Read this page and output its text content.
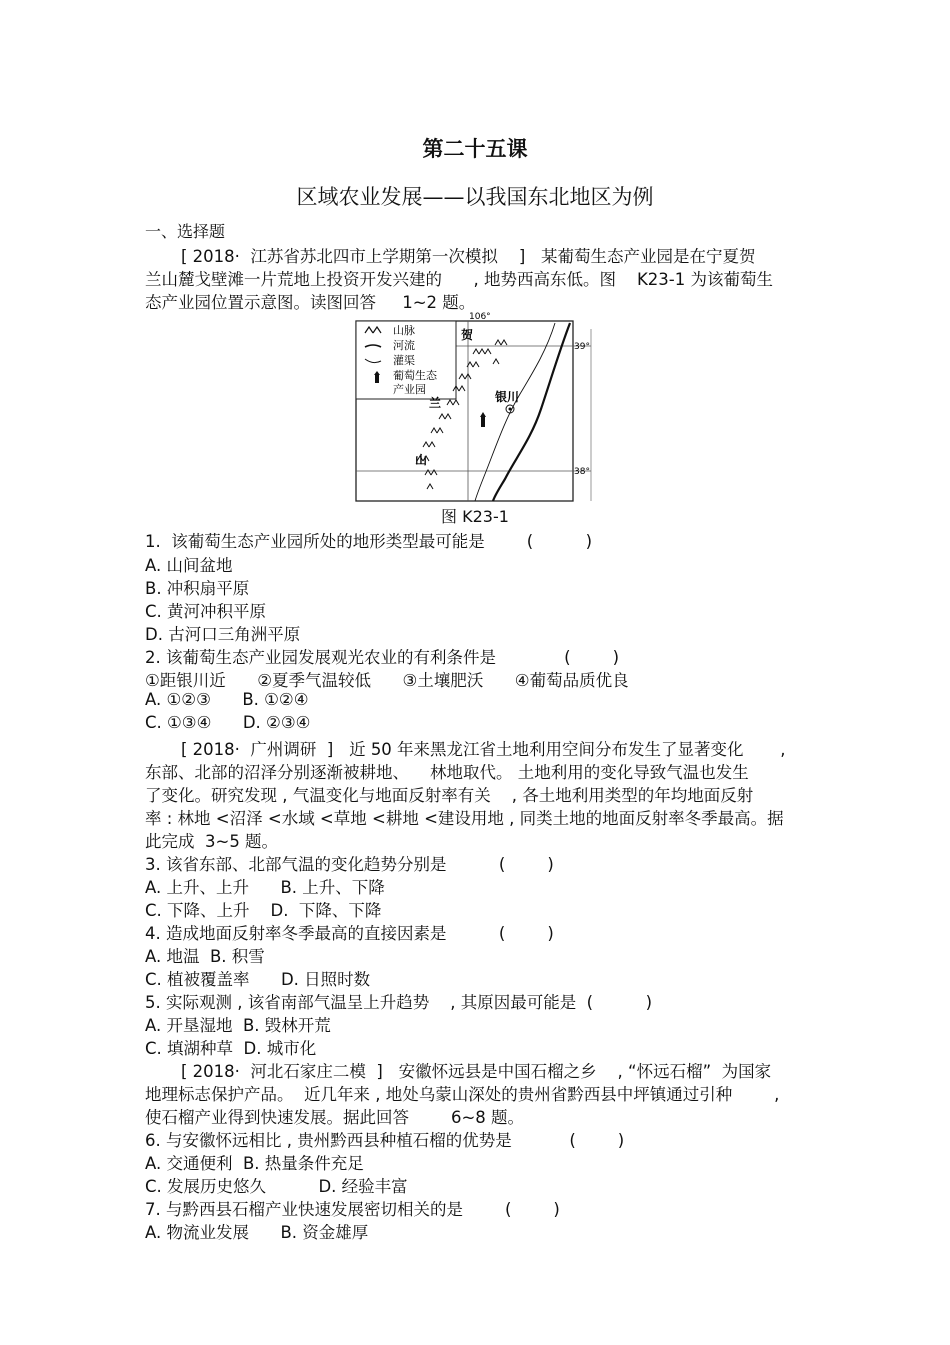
第二十五课
区域农业发展——以我国东北地区为例
一、选择题
[ 2018·  江苏省苏北四市上学期第一次模拟    ]   某葡萄生态产业园是在宁夏贺
兰山麓戈壁滩一片荒地上投资开发兴建的      , 地势西高东低。图    K23-1 为该葡萄生
态产业园位置示意图。读图回答     1~2 题。
106°
39°
38°
山脉
河流
灌渠
葡萄生态
产业园
贺
兰
山
银川
图 K23-1
1.  该葡萄生态产业园所处的地形类型最可能是        (          )
A. 山间盆地
B. 冲积扇平原
C. 黄河冲积平原
D. 古河口三角洲平原
2. 该葡萄生态产业园发展观光农业的有利条件是             (        )
①距银川近      ②夏季气温较低      ③土壤肥沃      ④葡萄品质优良
A. ①②③      B. ①②④
C. ①③④      D. ②③④
[ 2018·  广州调研  ]   近 50 年来黑龙江省土地利用空间分布发生了显著变化       ,
东部、北部的沼泽分别逐渐被耕地、    林地取代。 土地利用的变化导致气温也发生
了变化。研究发现 , 气温变化与地面反射率有关    , 各土地利用类型的年均地面反射
率 : 林地 <沼泽 <水域 <草地 <耕地 <建设用地 , 同类土地的地面反射率冬季最高。据
此完成  3~5 题。
3. 该省东部、北部气温的变化趋势分别是          (        )
A. 上升、上升      B. 上升、下降
C. 下降、上升    D.  下降、下降
4. 造成地面反射率冬季最高的直接因素是          (        )
A. 地温  B. 积雪
C. 植被覆盖率      D. 日照时数
5. 实际观测 , 该省南部气温呈上升趋势    , 其原因最可能是  (          )
A. 开垦湿地  B. 毁林开荒
C. 填湖种草  D. 城市化
[ 2018·  河北石家庄二模  ]   安徽怀远县是中国石榴之乡    , “怀远石榴”  为国家
地理标志保护产品。  近几年来 , 地处乌蒙山深处的贵州省黔西县中坪镇通过引种        ,
使石榴产业得到快速发展。据此回答        6~8 题。
6. 与安徽怀远相比 , 贵州黔西县种植石榴的优势是           (        )
A. 交通便利  B. 热量条件充足
C. 发展历史悠久          D. 经验丰富
7. 与黔西县石榴产业快速发展密切相关的是        (        )
A. 物流业发展      B. 资金雄厚
